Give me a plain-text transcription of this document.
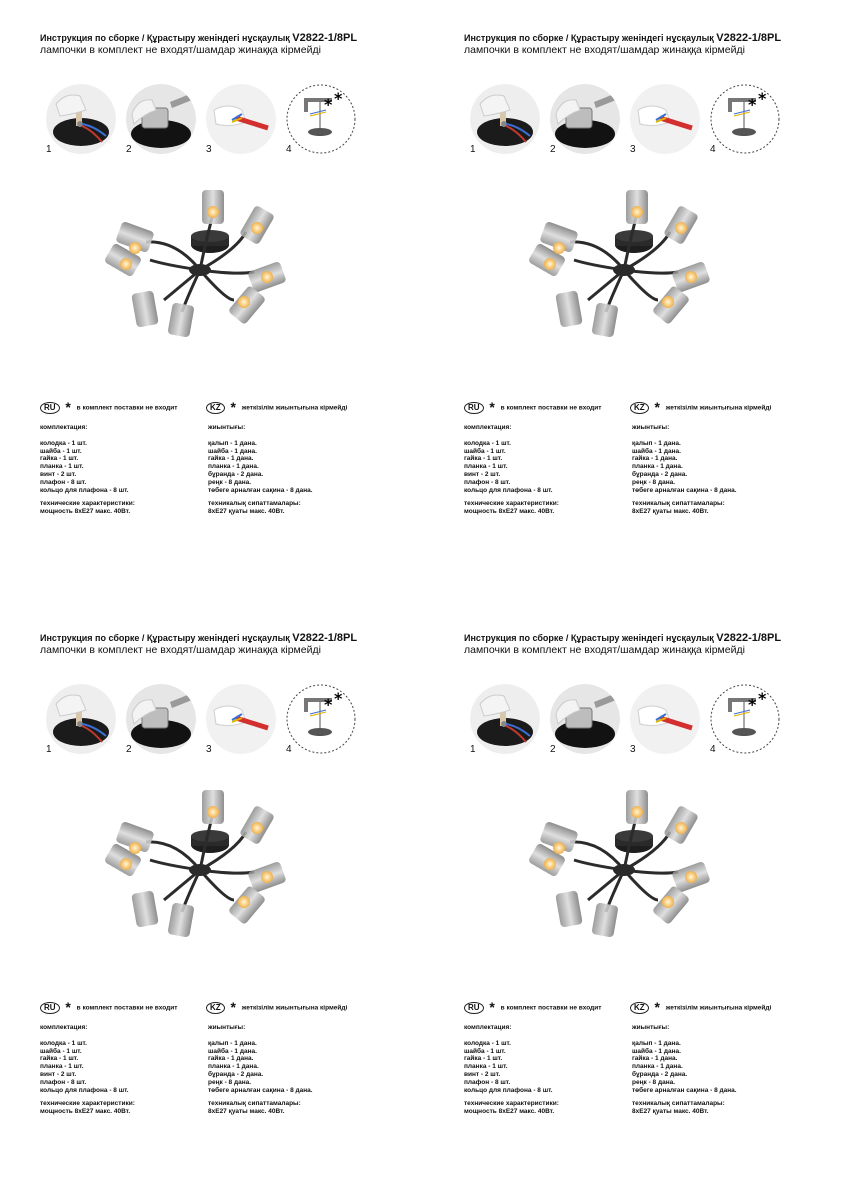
Инструкция по сборке / Құрастыру женіндегі нұсқаулық V2822-1/8PL
лампочки в комплект не входят/шамдар жинаққа кірмейді
* *
1	2	3	4
RU * в комплект поставки не входит	KZ * жеткізілім жиынтығына кірмейді
комплектация:
колодка - 1 шт.
шайба - 1 шт.
гайка - 1 шт.
планка - 1 шт.
винт - 2 шт.
плафон - 8 шт.
кольцо для плафона - 8 шт.
технические характеристики:
мощность 8xE27 макс. 40Вт.
жиынтығы:
қалып - 1 дана.
шайба - 1 дана.
гайка - 1 дана.
планка - 1 дана.
бұранда - 2 дана.
реңк - 8 дана.
төбеге арналған сақина - 8 дана.
техникалық сипаттамалары:
8xE27 қуаты макс. 40Вт.
Инструкция по сборке / Құрастыру женіндегі нұсқаулық V2822-1/8PL
лампочки в комплект не входят/шамдар жинаққа кірмейді
* *
1	2	3	4
RU * в комплект поставки не входит	KZ * жеткізілім жиынтығына кірмейді
комплектация:
колодка - 1 шт.
шайба - 1 шт.
гайка - 1 шт.
планка - 1 шт.
винт - 2 шт.
плафон - 8 шт.
кольцо для плафона - 8 шт.
технические характеристики:
мощность 8xE27 макс. 40Вт.
жиынтығы:
қалып - 1 дана.
шайба - 1 дана.
гайка - 1 дана.
планка - 1 дана.
бұранда - 2 дана.
реңк - 8 дана.
төбеге арналған сақина - 8 дана.
техникалық сипаттамалары:
8xE27 қуаты макс. 40Вт.
Инструкция по сборке / Құрастыру женіндегі нұсқаулық V2822-1/8PL
лампочки в комплект не входят/шамдар жинаққа кірмейді
* *
1	2	3	4
RU * в комплект поставки не входит	KZ * жеткізілім жиынтығына кірмейді
комплектация:
колодка - 1 шт.
шайба - 1 шт.
гайка - 1 шт.
планка - 1 шт.
винт - 2 шт.
плафон - 8 шт.
кольцо для плафона - 8 шт.
технические характеристики:
мощность 8xE27 макс. 40Вт.
жиынтығы:
қалып - 1 дана.
шайба - 1 дана.
гайка - 1 дана.
планка - 1 дана.
бұранда - 2 дана.
реңк - 8 дана.
төбеге арналған сақина - 8 дана.
техникалық сипаттамалары:
8xE27 қуаты макс. 40Вт.
Инструкция по сборке / Құрастыру женіндегі нұсқаулық V2822-1/8PL
лампочки в комплект не входят/шамдар жинаққа кірмейді
* *
1	2	3	4
RU * в комплект поставки не входит	KZ * жеткізілім жиынтығына кірмейді
комплектация:
колодка - 1 шт.
шайба - 1 шт.
гайка - 1 шт.
планка - 1 шт.
винт - 2 шт.
плафон - 8 шт.
кольцо для плафона - 8 шт.
технические характеристики:
мощность 8xE27 макс. 40Вт.
жиынтығы:
қалып - 1 дана.
шайба - 1 дана.
гайка - 1 дана.
планка - 1 дана.
бұранда - 2 дана.
реңк - 8 дана.
төбеге арналған сақина - 8 дана.
техникалық сипаттамалары:
8xE27 қуаты макс. 40Вт.
